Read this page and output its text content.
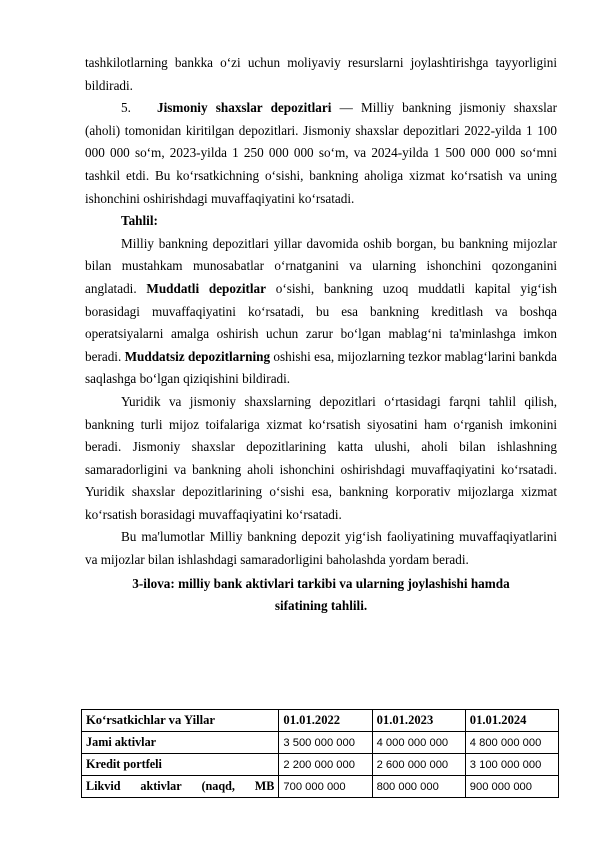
tashkilotlarning bankka o‘zi uchun moliyaviy resurslarni joylashtirishga tayyorligini bildiradi.

5. Jismoniy shaxslar depozitlari — Milliy bankning jismoniy shaxslar (aholi) tomonidan kiritilgan depozitlari. Jismoniy shaxslar depozitlari 2022-yilda 1 100 000 000 so‘m, 2023-yilda 1 250 000 000 so‘m, va 2024-yilda 1 500 000 000 so‘mni tashkil etdi. Bu ko‘rsatkichning o‘sishi, bankning aholiga xizmat ko‘rsatish va uning ishonchini oshirishdagi muvaffaqiyatini ko‘rsatadi.

Tahlil:

Milliy bankning depozitlari yillar davomida oshib borgan, bu bankning mijozlar bilan mustahkam munosabatlar o‘rnatganini va ularning ishonchini qozonganini anglatadi. Muddatli depozitlar o‘sishi, bankning uzoq muddatli kapital yig‘ish borasidagi muvaffaqiyatini ko‘rsatadi, bu esa bankning kreditlash va boshqa operatsiyalarni amalga oshirish uchun zarur bo‘lgan mablag‘ni ta'minlashga imkon beradi. Muddatsiz depozitlarning oshishi esa, mijozlarning tezkor mablag‘larini bankda saqlashga bo‘lgan qiziqishini bildiradi.

Yuridik va jismoniy shaxslarning depozitlari o‘rtasidagi farqni tahlil qilish, bankning turli mijoz toifalariga xizmat ko‘rsatish siyosatini ham o‘rganish imkonini beradi. Jismoniy shaxslar depozitlarining katta ulushi, aholi bilan ishlashning samaradorligini va bankning aholi ishonchini oshirishdagi muvaffaqiyatini ko‘rsatadi. Yuridik shaxslar depozitlarining o‘sishi esa, bankning korporativ mijozlarga xizmat ko‘rsatish borasidagi muvaffaqiyatini ko‘rsatadi.

Bu ma'lumotlar Milliy bankning depozit yig‘ish faoliyatining muvaffaqiyatlarini va mijozlar bilan ishlashdagi samaradorligini baholashda yordam beradi.

3-ilova: milliy bank aktivlari tarkibi va ularning joylashishi hamda
sifatining tahlili.
Ko‘rsatkichlar va Yillar	01.01.2022	01.01.2023	01.01.2024
Jami aktivlar	3 500 000 000	4 000 000 000	4 800 000 000
Kredit portfeli	2 200 000 000	2 600 000 000	3 100 000 000

Likvid aktivlar (naqd, MB	700 000 000	800 000 000	900 000 000
